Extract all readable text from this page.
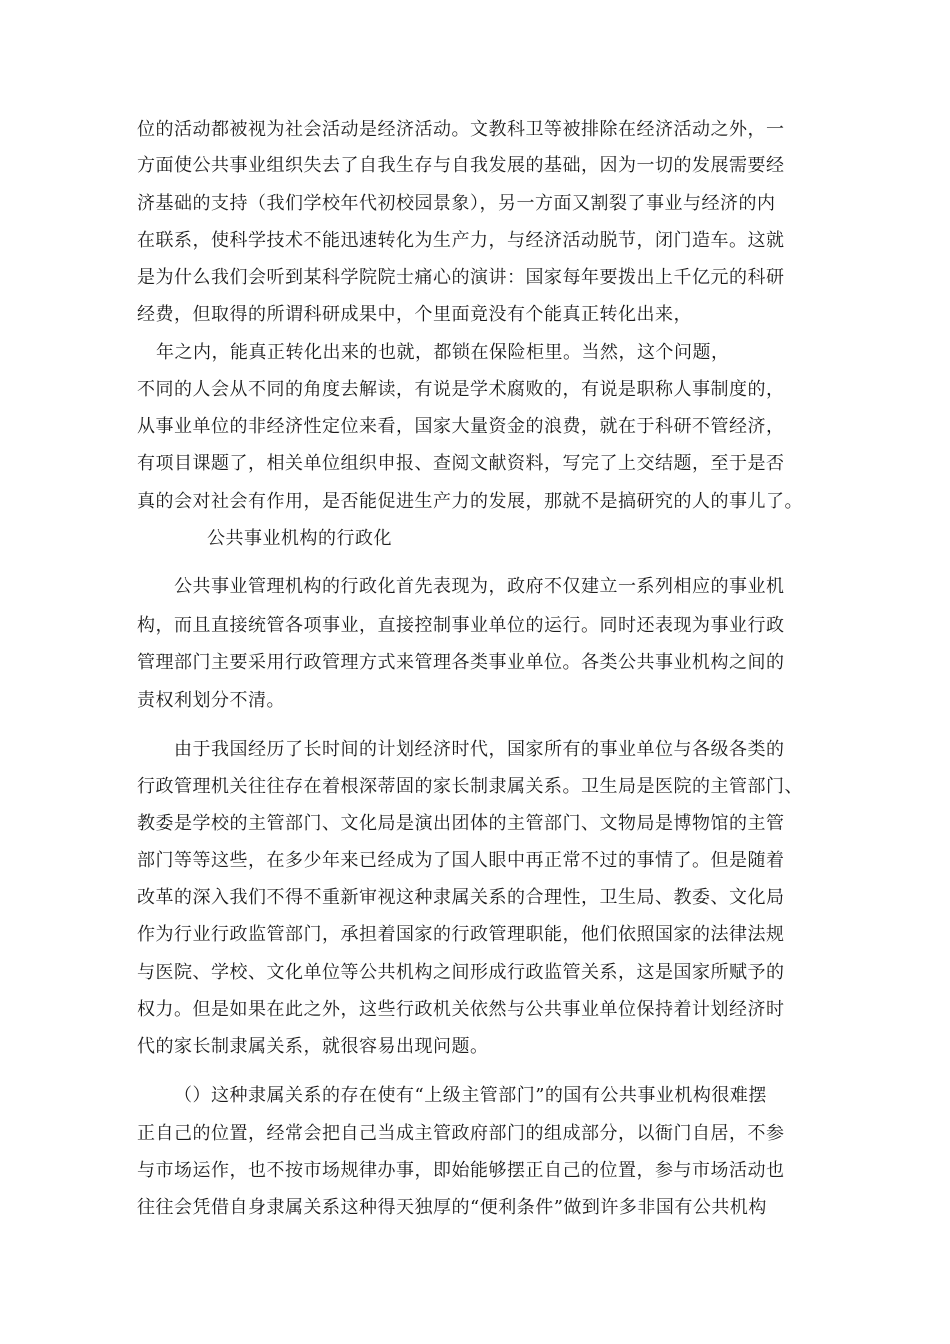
位的活动都被视为社会活动是经济活动。文教科卫等被排除在经济活动之外，一
方面使公共事业组织失去了自我生存与自我发展的基础，因为一切的发展需要经
济基础的支持（我们学校年代初校园景象），另一方面又割裂了事业与经济的内
在联系，使科学技术不能迅速转化为生产力，与经济活动脱节，闭门造车。这就
是为什么我们会听到某科学院院士痛心的演讲：国家每年要拨出上千亿元的科研
经费，但取得的所谓科研成果中，个里面竟没有个能真正转化出来，
年之内，能真正转化出来的也就，都锁在保险柜里。当然，这个问题，
不同的人会从不同的角度去解读，有说是学术腐败的，有说是职称人事制度的，
从事业单位的非经济性定位来看，国家大量资金的浪费，就在于科研不管经济，
有项目课题了，相关单位组织申报、查阅文献资料，写完了上交结题，至于是否
真的会对社会有作用，是否能促进生产力的发展，那就不是搞研究的人的事儿了。
公共事业机构的行政化
公共事业管理机构的行政化首先表现为，政府不仅建立一系列相应的事业机
构，而且直接统管各项事业，直接控制事业单位的运行。同时还表现为事业行政
管理部门主要采用行政管理方式来管理各类事业单位。各类公共事业机构之间的
责权利划分不清。
由于我国经历了长时间的计划经济时代，国家所有的事业单位与各级各类的
行政管理机关往往存在着根深蒂固的家长制隶属关系。卫生局是医院的主管部门、
教委是学校的主管部门、文化局是演出团体的主管部门、文物局是博物馆的主管
部门等等这些，在多少年来已经成为了国人眼中再正常不过的事情了。但是随着
改革的深入我们不得不重新审视这种隶属关系的合理性，卫生局、教委、文化局
作为行业行政监管部门，承担着国家的行政管理职能，他们依照国家的法律法规
与医院、学校、文化单位等公共机构之间形成行政监管关系，这是国家所赋予的
权力。但是如果在此之外，这些行政机关依然与公共事业单位保持着计划经济时
代的家长制隶属关系，就很容易出现问题。
（）这种隶属关系的存在使有“上级主管部门”的国有公共事业机构很难摆
正自己的位置，经常会把自己当成主管政府部门的组成部分，以衙门自居，不参
与市场运作，也不按市场规律办事，即始能够摆正自己的位置，参与市场活动也
往往会凭借自身隶属关系这种得天独厚的“便利条件”做到许多非国有公共机构
